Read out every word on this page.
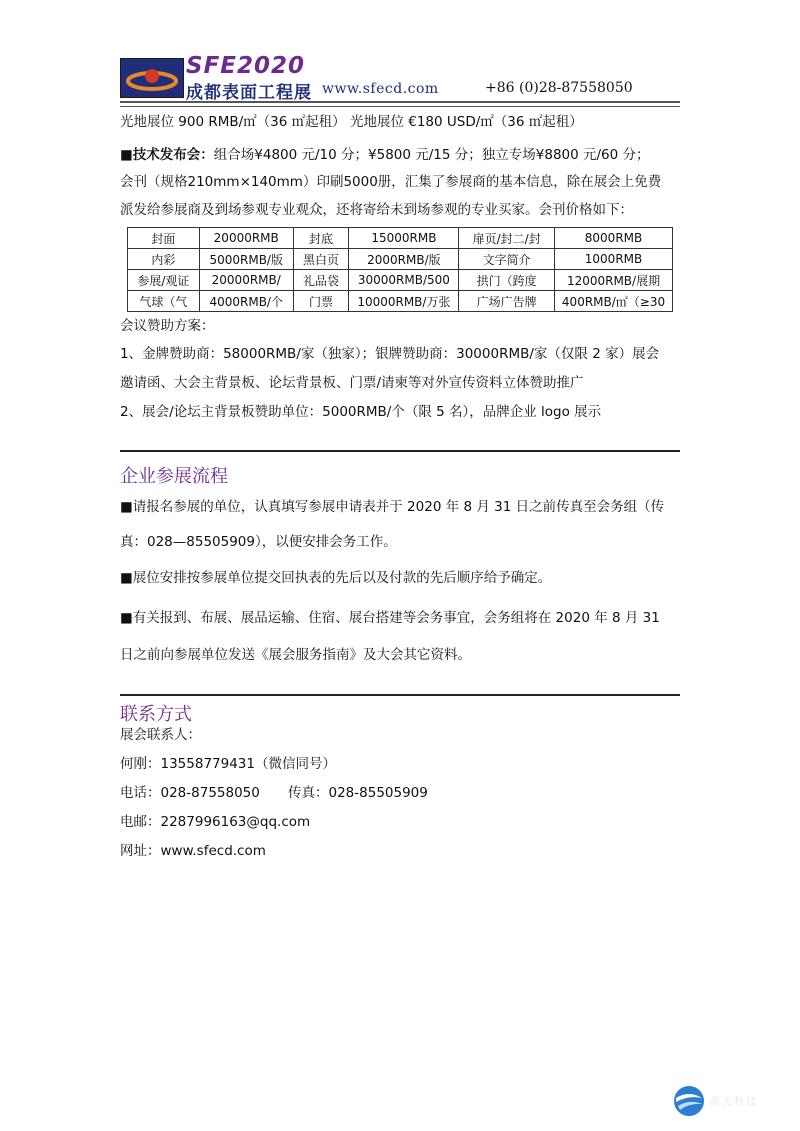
SFE2020
成都表面工程展 www.sfecd.com	+86 (0)28-87558050
光地展位 900 RMB/㎡（36 ㎡起租） 光地展位 €180 USD/㎡（36 ㎡起租）
■技术发布会：组合场¥4800 元/10 分；¥5800 元/15 分；独立专场¥8800 元/60 分；
会刊（规格210mm×140mm）印刷5000册，汇集了参展商的基本信息，除在展会上免费
派发给参展商及到场参观专业观众，还将寄给未到场参观的专业买家。会刊价格如下：
封面	20000RMB	封底	15000RMB	扉页/封二/封	8000RMB
内彩	5000RMB/版	黑白页	2000RMB/版	文字简介	1000RMB
参展/观证	20000RMB/	礼品袋	30000RMB/500	拱门（跨度	12000RMB/展期
气球（气	4000RMB/个	门票	10000RMB/万张	广场广告牌	400RMB/㎡（≥30
会议赞助方案：
1、金牌赞助商：58000RMB/家（独家）；银牌赞助商：30000RMB/家（仅限 2 家）展会
邀请函、大会主背景板、论坛背景板、门票/请柬等对外宣传资料立体赞助推广
2、展会/论坛主背景板赞助单位：5000RMB/个（限 5 名），品牌企业 logo 展示
企业参展流程
■请报名参展的单位，认真填写参展申请表并于 2020 年 8 月 31 日之前传真至会务组（传
真：028—85505909），以便安排会务工作。
■展位安排按参展单位提交回执表的先后以及付款的先后顺序给予确定。
■有关报到、布展、展品运输、住宿、展台搭建等会务事宜，会务组将在 2020 年 8 月 31
日之前向参展单位发送《展会服务指南》及大会其它资料。
联系方式
展会联系人：
何刚：13558779431（微信同号）
电话：028-87558050 传真：028-85505909
电邮：2287996163@qq.com
网址：www.sfecd.com
蓝天科技
